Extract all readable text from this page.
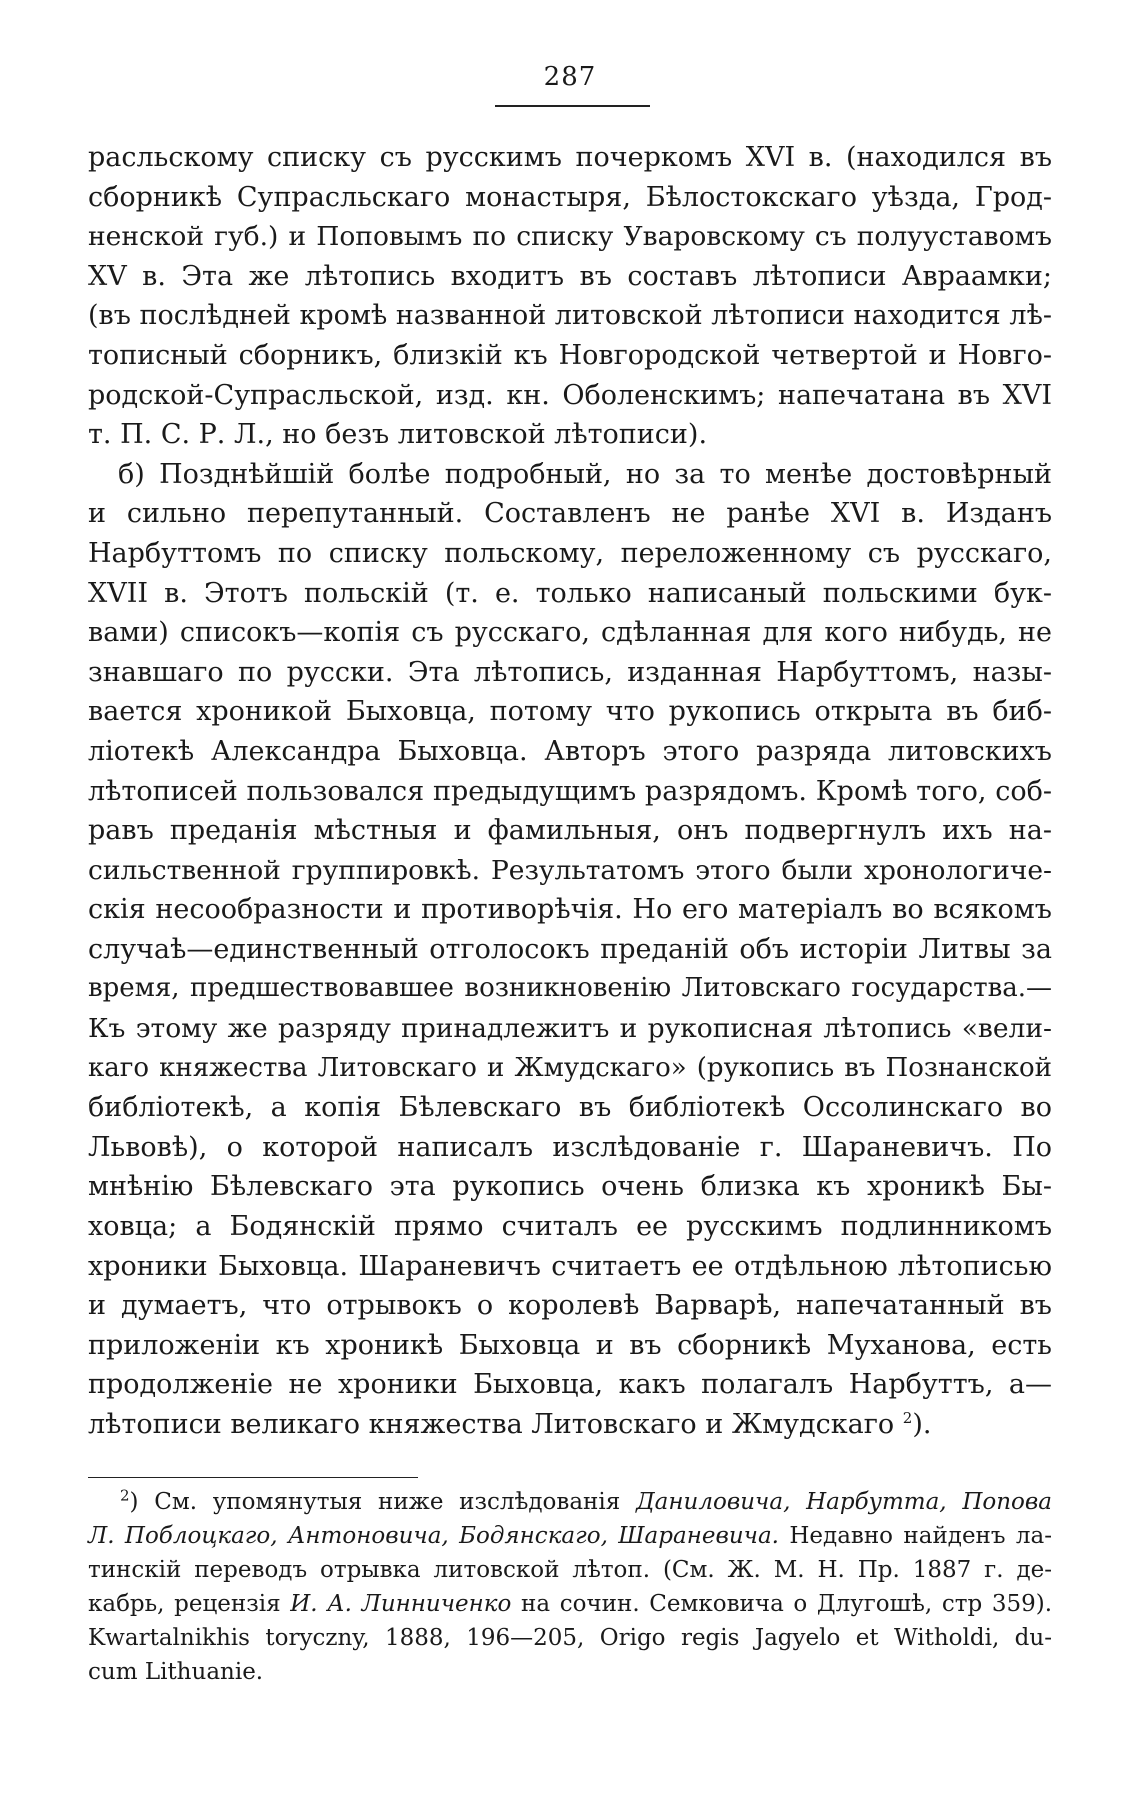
287
расльскому списку съ русскимъ почеркомъ XVI в. (находился въ
сборникѣ Супрасльскаго монастыря, Бѣлостокскаго уѣзда, Грод-
ненской губ.) и Поповымъ по списку Уваровскому съ полууставомъ
XV в. Эта же лѣтопись входитъ въ составъ лѣтописи Авраамки;
(въ послѣдней кромѣ названной литовской лѣтописи находится лѣ-
тописный сборникъ, близкій къ Новгородской четвертой и Новго-
родской-Супрасльской, изд. кн. Оболенскимъ; напечатана въ XVI
т. П. С. Р. Л., но безъ литовской лѣтописи).
б) Позднѣйшій болѣе подробный, но за то менѣе достовѣрный
и сильно перепутанный. Составленъ не ранѣе XVI в. Изданъ
Нарбуттомъ по списку польскому, переложенному съ русскаго,
XVII в. Этотъ польскій (т. е. только написаный польскими бук-
вами) списокъ—копія съ русскаго, сдѣланная для кого нибудь, не
знавшаго по русски. Эта лѣтопись, изданная Нарбуттомъ, назы-
вается хроникой Быховца, потому что рукопись открыта въ биб-
ліотекѣ Александра Быховца. Авторъ этого разряда литовскихъ
лѣтописей пользовался предыдущимъ разрядомъ. Кромѣ того, соб-
равъ преданія мѣстныя и фамильныя, онъ подвергнулъ ихъ на-
сильственной группировкѣ. Результатомъ этого были хронологиче-
скія несообразности и противорѣчія. Но его матеріалъ во всякомъ
случаѣ—единственный отголосокъ преданій объ исторіи Литвы за
время, предшествовавшее возникновенію Литовскаго государства.—
Къ этому же разряду принадлежитъ и рукописная лѣтопись «вели-
каго княжества Литовскаго и Жмудскаго» (рукопись въ Познанской
библіотекѣ, а копія Бѣлевскаго въ библіотекѣ Оссолинскаго во
Львовѣ), о которой написалъ изслѣдованіе г. Шараневичъ. По
мнѣнію Бѣлевскаго эта рукопись очень близка къ хроникѣ Бы-
ховца; а Бодянскій прямо считалъ ее русскимъ подлинникомъ
хроники Быховца. Шараневичъ считаетъ ее отдѣльною лѣтописью
и думаетъ, что отрывокъ о королевѣ Варварѣ, напечатанный въ
приложеніи къ хроникѣ Быховца и въ сборникѣ Муханова, есть
продолженіе не хроники Быховца, какъ полагалъ Нарбуттъ, а—
лѣтописи великаго княжества Литовскаго и Жмудскаго $^2$).
$^2$) См. упомянутыя ниже изслѣдованія Даниловича, Нарбутта, Попова
Л. Поблоцкаго, Антоновича, Бодянскаго, Шараневича. Недавно найденъ ла-
тинскій переводъ отрывка литовской лѣтоп. (См. Ж. М. Н. Пр. 1887 г. де-
кабрь, рецензія И. А. Линниченко на сочин. Семковича о Длугошѣ, стр 359).
Kwartalnikhis toryczny, 1888, 196—205, Origo regis Jagyelo et Witholdi, du-
cum Lithuanie.
